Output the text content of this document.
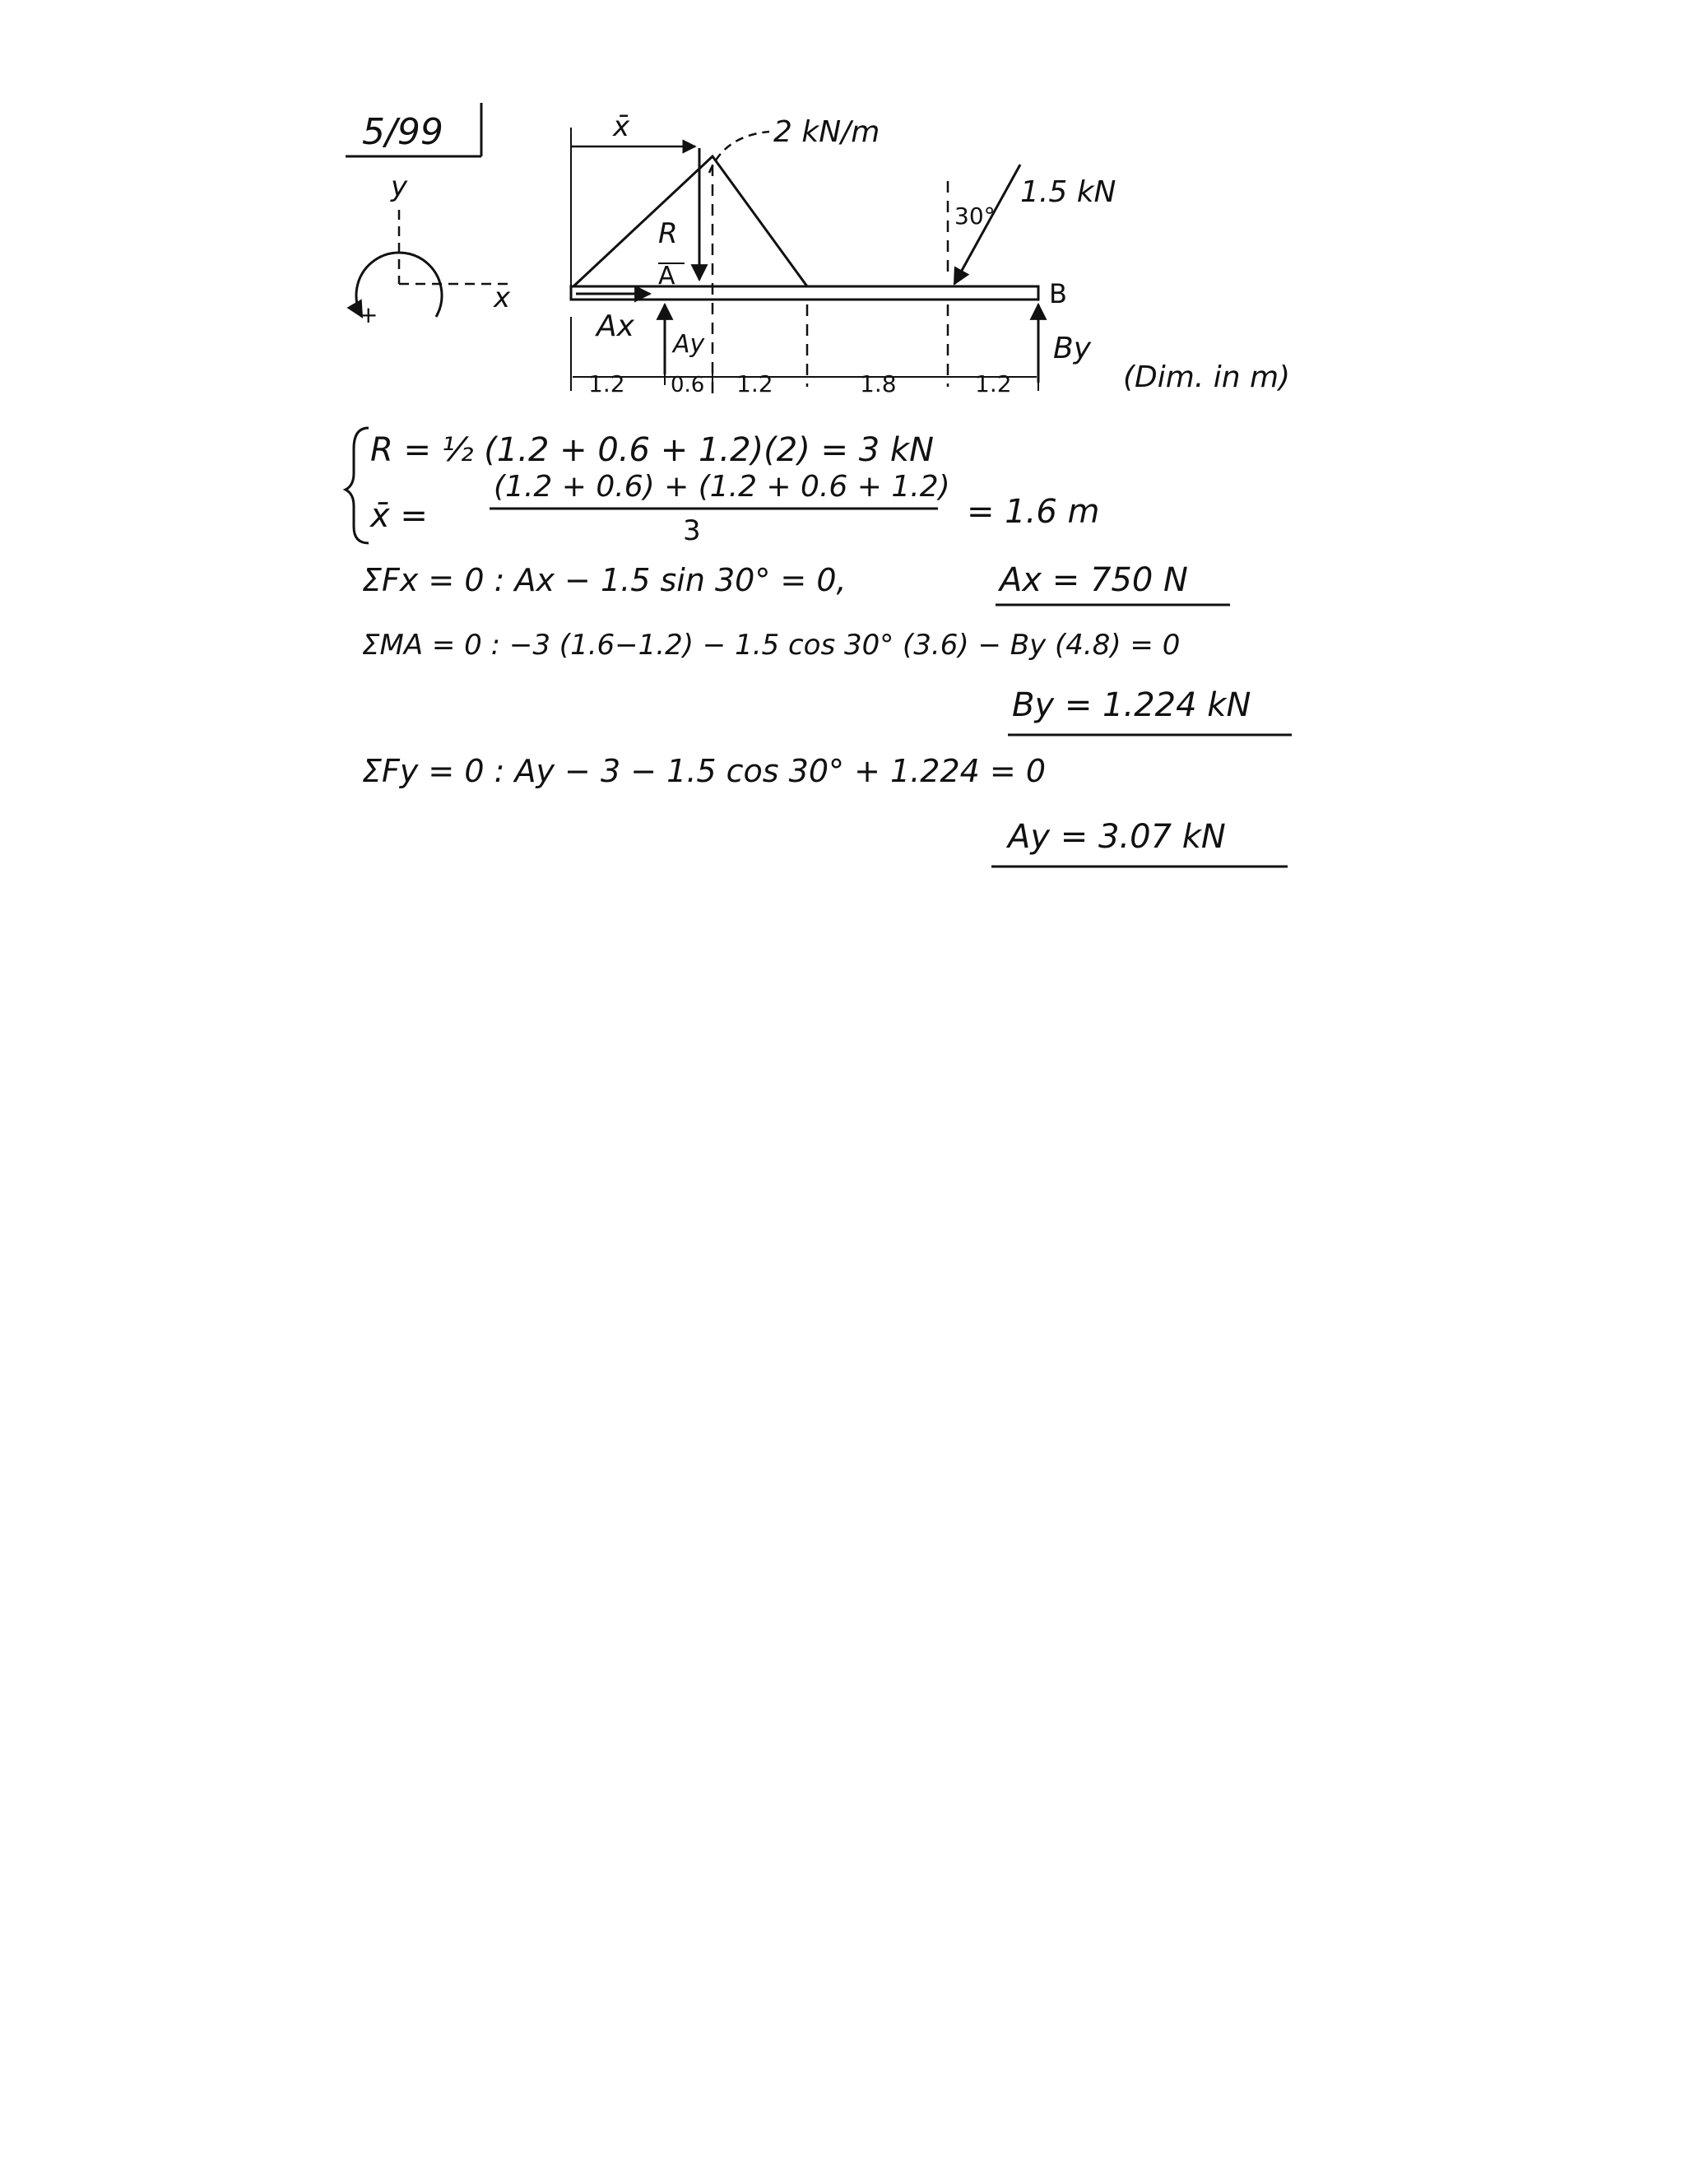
5/99
y
x
+
x̄	2 kN/m
R
A
30°
1.5 kN
B
Ax
Ay	By
1.2 0.6 1.2	1.8	1.2	(Dim. in m)
R = ½ (1.2 + 0.6 + 1.2)(2) = 3 kN
x̄ =
(1.2 + 0.6) + (1.2 + 0.6 + 1.2)
3	= 1.6 m
ΣFx = 0 : Ax − 1.5 sin 30° = 0,	Ax = 750 N
ΣMA = 0 : −3 (1.6−1.2) − 1.5 cos 30° (3.6) − By (4.8) = 0
By = 1.224 kN
ΣFy = 0 : Ay − 3 − 1.5 cos 30° + 1.224 = 0
Ay = 3.07 kN
